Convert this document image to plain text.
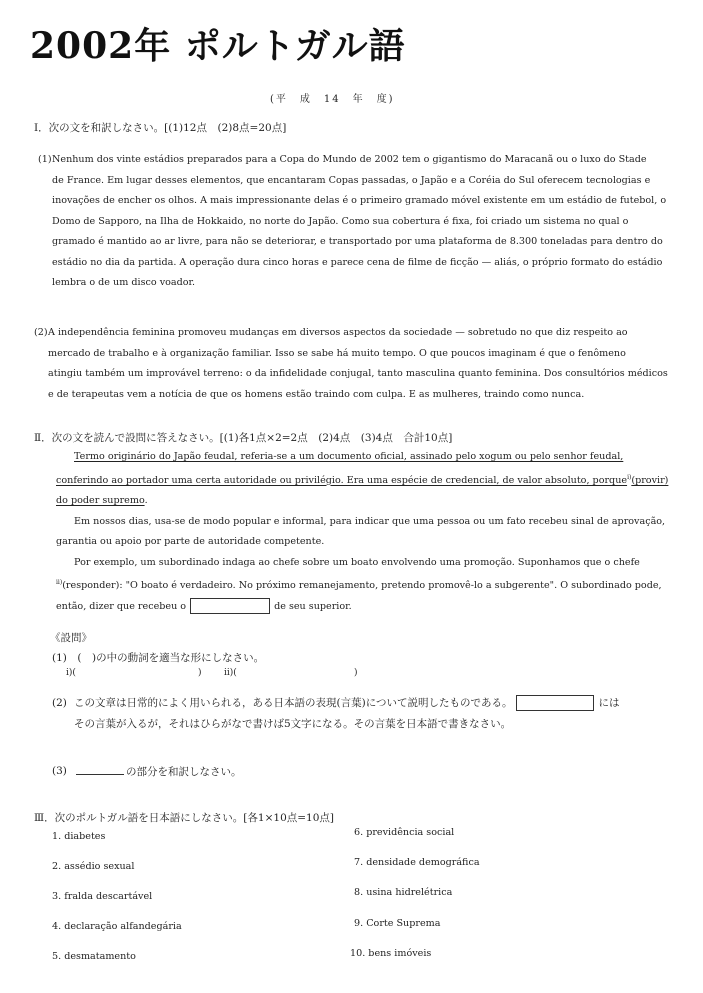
2002年 ポルトガル語
(平　成　14　年　度)
Ⅰ．次の文を和訳しなさい。[(1)12点　(2)8点=20点]
(1) Nenhum dos vinte estádios preparados para a Copa do Mundo de 2002 tem o gigantismo do Maracanã ou o luxo do Stade
de France. Em lugar desses elementos, que encantaram Copas passadas, o Japão e a Coréia do Sul oferecem tecnologias e
inovações de encher os olhos. A mais impressionante delas é o primeiro gramado móvel existente em um estádio de futebol, o
Domo de Sapporo, na Ilha de Hokkaido, no norte do Japão. Como sua cobertura é fixa, foi criado um sistema no qual o
gramado é mantido ao ar livre, para não se deteriorar, e transportado por uma plataforma de 8.300 toneladas para dentro do
estádio no dia da partida. A operação dura cinco horas e parece cena de filme de ficção — aliás, o próprio formato do estádio
lembra o de um disco voador.
(2) A independência feminina promoveu mudanças em diversos aspectos da sociedade — sobretudo no que diz respeito ao
mercado de trabalho e à organização familiar. Isso se sabe há muito tempo. O que poucos imaginam é que o fenômeno
atingiu também um improvável terreno: o da infidelidade conjugal, tanto masculina quanto feminina. Dos consultórios médicos
e de terapeutas vem a notícia de que os homens estão traindo com culpa. E as mulheres, traindo como nunca.
Ⅱ．次の文を読んで設問に答えなさい。[(1)各1点×2=2点　(2)4点　(3)4点　合計10点]
Termo originário do Japão feudal, referia-se a um documento oficial, assinado pelo xogum ou pelo senhor feudal,
conferindo ao portador uma certa autoridade ou privilégio. Era uma espécie de credencial, de valor absoluto, porque$^{i)}$(provir)
do poder supremo.
Em nossos dias, usa-se de modo popular e informal, para indicar que uma pessoa ou um fato recebeu sinal de aprovação,
garantia ou apoio por parte de autoridade competente.
Por exemplo, um subordinado indaga ao chefe sobre um boato envolvendo uma promoção. Suponhamos que o chefe
$^{ii)}$(responder): "O boato é verdadeiro. No próximo remanejamento, pretendo promovê-lo a subgerente". O subordinado pode,
então, dizer que recebeu o	de seu superior.
《設問》
(1)　(　)の中の動詞を適当な形にしなさい。
i)(	) ii)(	)
(2) この文章は日常的によく用いられる，ある日本語の表現(言葉)について説明したものである。	には
その言葉が入るが，それはひらがなで書けば5文字になる。その言葉を日本語で書きなさい。
(3)	の部分を和訳しなさい。
Ⅲ．次のポルトガル語を日本語にしなさい。[各1×10点=10点]
1. diabetes
2. assédio sexual
3. fralda descartável
4. declaração alfandegária
5. desmatamento
6. previdência social
7. densidade demográfica
8. usina hidrelétrica
9. Corte Suprema
10. bens imóveis
